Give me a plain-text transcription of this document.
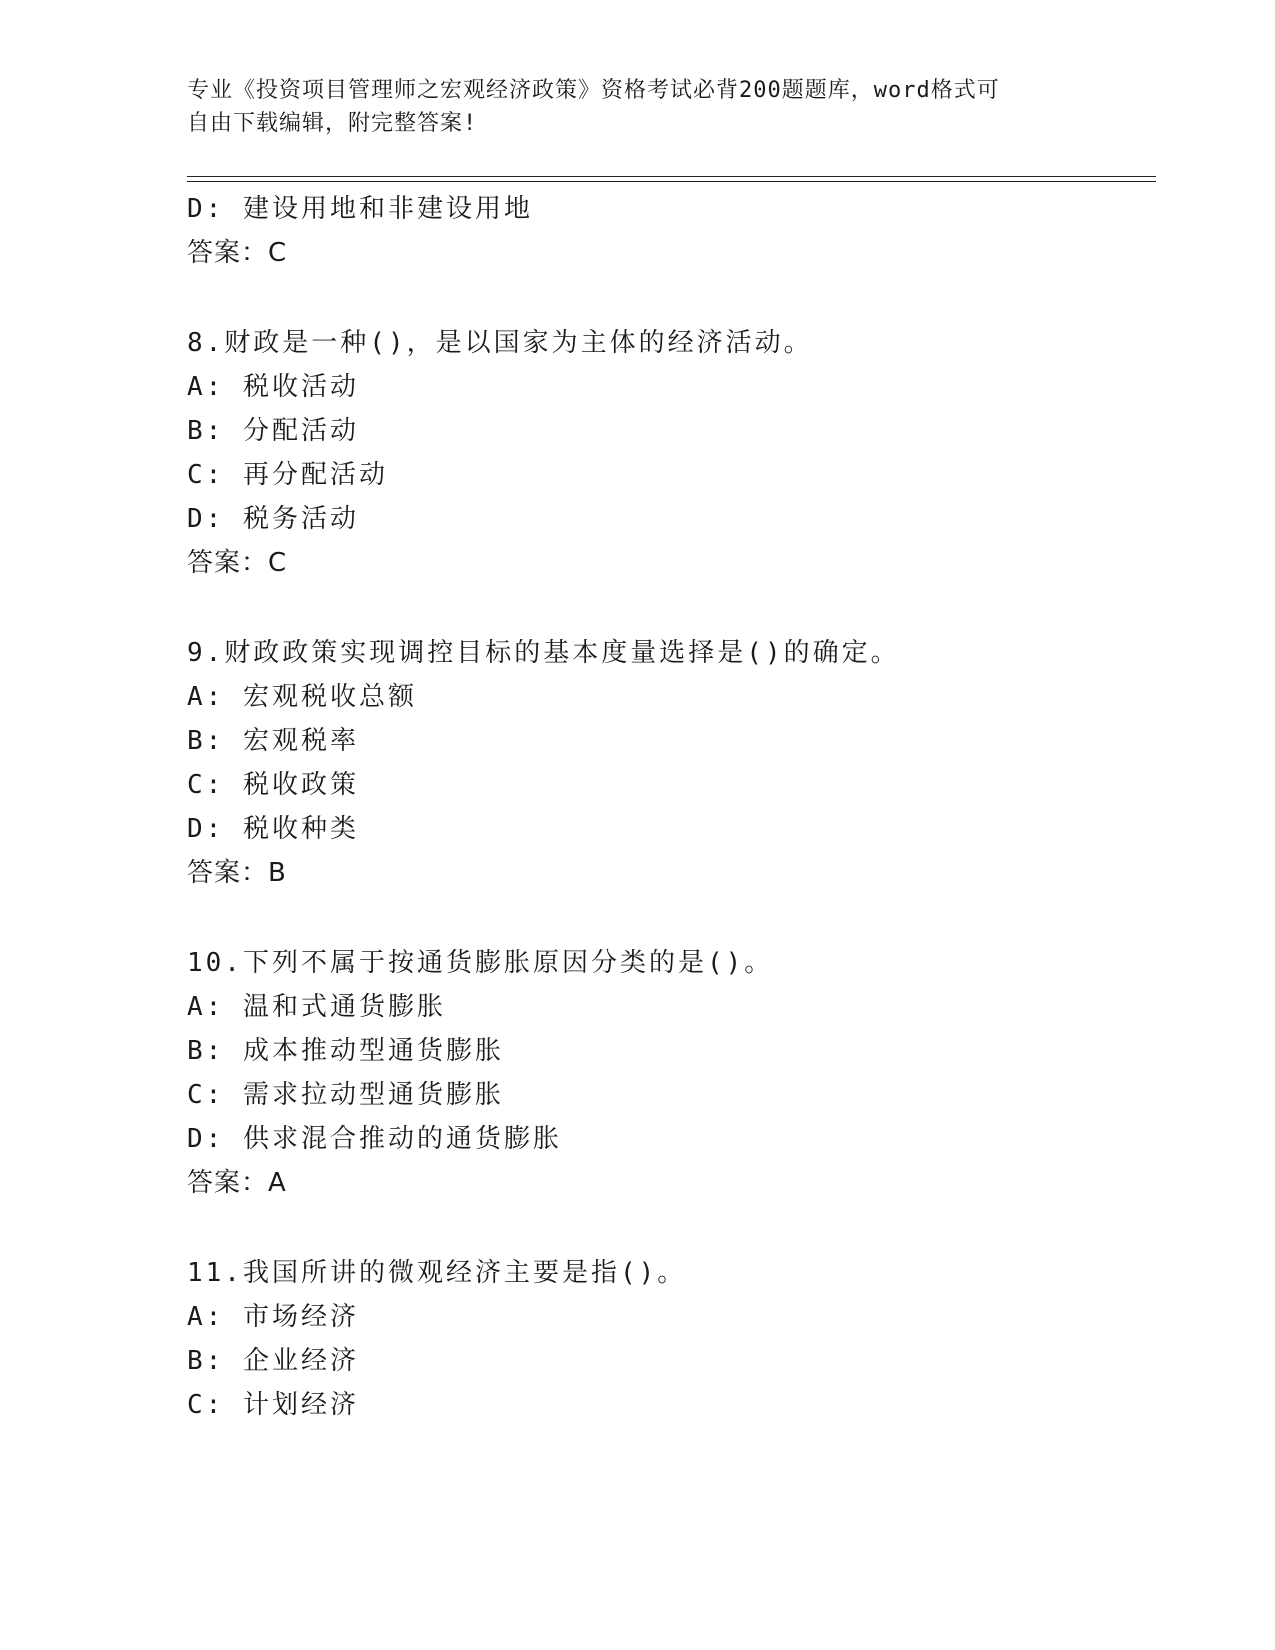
专业《投资项目管理师之宏观经济政策》资格考试必背200题题库，word格式可
自由下载编辑，附完整答案!
D: 建设用地和非建设用地
答案：C
8.财政是一种()，是以国家为主体的经济活动。
A: 税收活动
B: 分配活动
C: 再分配活动
D: 税务活动
答案：C
9.财政政策实现调控目标的基本度量选择是()的确定。
A: 宏观税收总额
B: 宏观税率
C: 税收政策
D: 税收种类
答案：B
10.下列不属于按通货膨胀原因分类的是()。
A: 温和式通货膨胀
B: 成本推动型通货膨胀
C: 需求拉动型通货膨胀
D: 供求混合推动的通货膨胀
答案：A
11.我国所讲的微观经济主要是指()。
A: 市场经济
B: 企业经济
C: 计划经济
